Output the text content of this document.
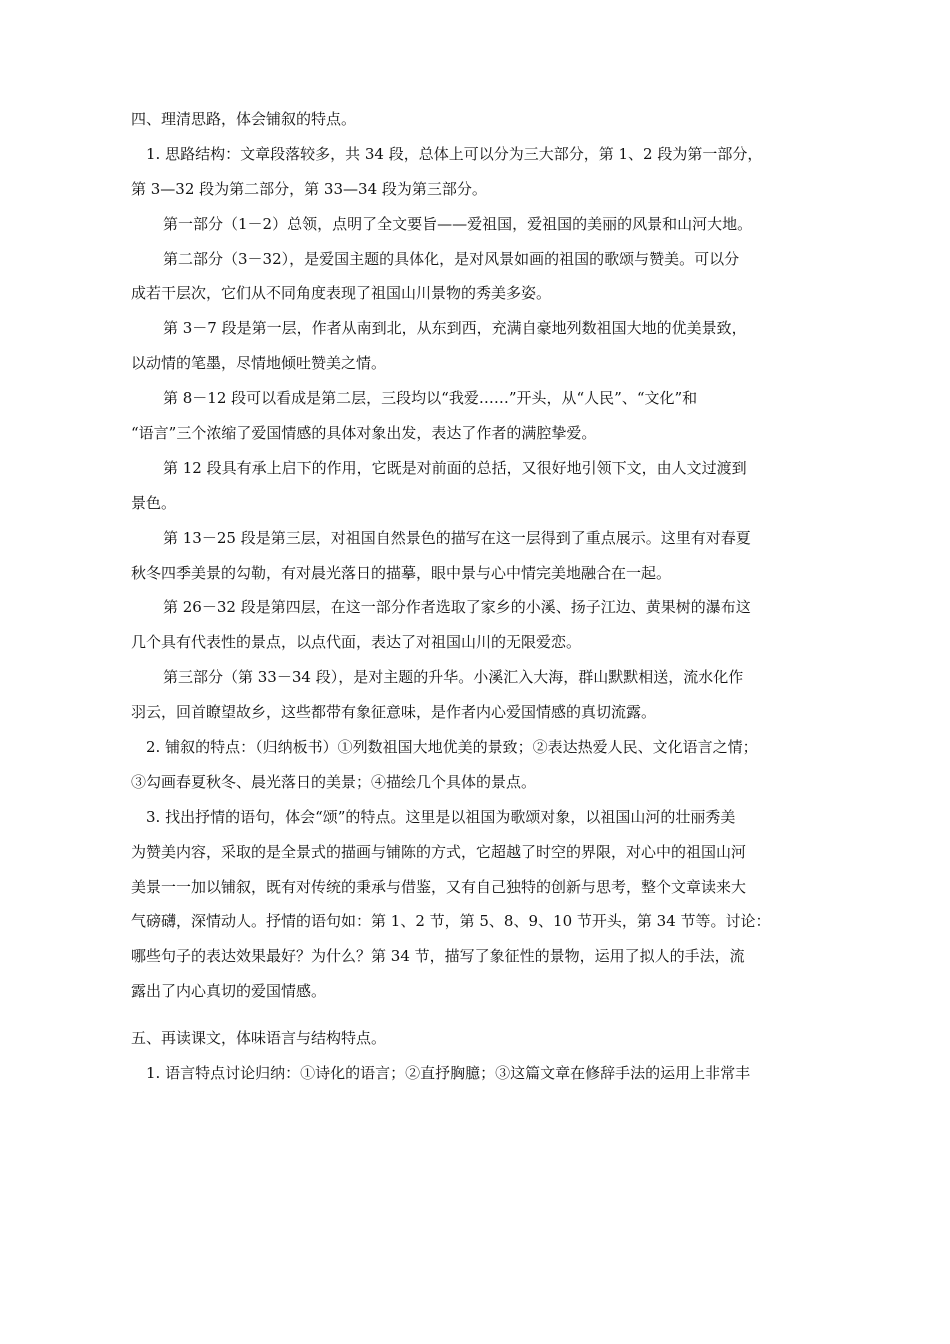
四、理清思路，体会铺叙的特点。
1. 思路结构：文章段落较多，共 34 段，总体上可以分为三大部分，第 1、2 段为第一部分，
第 3—32 段为第二部分，第 33—34 段为第三部分。
第一部分（1－2）总领，点明了全文要旨——爱祖国，爱祖国的美丽的风景和山河大地。
第二部分（3－32），是爱国主题的具体化，是对风景如画的祖国的歌颂与赞美。可以分
成若干层次，它们从不同角度表现了祖国山川景物的秀美多姿。
第 3－7 段是第一层，作者从南到北，从东到西，充满自豪地列数祖国大地的优美景致，
以动情的笔墨，尽情地倾吐赞美之情。
第 8－12 段可以看成是第二层，三段均以“我爱……”开头，从“人民”、“文化”和
“语言”三个浓缩了爱国情感的具体对象出发，表达了作者的满腔挚爱。
第 12 段具有承上启下的作用，它既是对前面的总括，又很好地引领下文，由人文过渡到
景色。
第 13－25 段是第三层，对祖国自然景色的描写在这一层得到了重点展示。这里有对春夏
秋冬四季美景的勾勒，有对晨光落日的描摹，眼中景与心中情完美地融合在一起。
第 26－32 段是第四层，在这一部分作者选取了家乡的小溪、扬子江边、黄果树的瀑布这
几个具有代表性的景点，以点代面，表达了对祖国山川的无限爱恋。
第三部分（第 33－34 段），是对主题的升华。小溪汇入大海，群山默默相送，流水化作
羽云，回首瞭望故乡，这些都带有象征意味，是作者内心爱国情感的真切流露。
2. 铺叙的特点：（归纳板书）①列数祖国大地优美的景致；②表达热爱人民、文化语言之情；
③勾画春夏秋冬、晨光落日的美景；④描绘几个具体的景点。
3. 找出抒情的语句，体会“颂”的特点。这里是以祖国为歌颂对象，以祖国山河的壮丽秀美
为赞美内容，采取的是全景式的描画与铺陈的方式，它超越了时空的界限，对心中的祖国山河
美景一一加以铺叙，既有对传统的秉承与借鉴，又有自己独特的创新与思考，整个文章读来大
气磅礴，深情动人。抒情的语句如：第 1、2 节，第 5、8、9、10 节开头，第 34 节等。讨论：
哪些句子的表达效果最好？为什么？第 34 节，描写了象征性的景物，运用了拟人的手法，流
露出了内心真切的爱国情感。
五、再读课文，体味语言与结构特点。
1. 语言特点讨论归纳：①诗化的语言；②直抒胸臆；③这篇文章在修辞手法的运用上非常丰
